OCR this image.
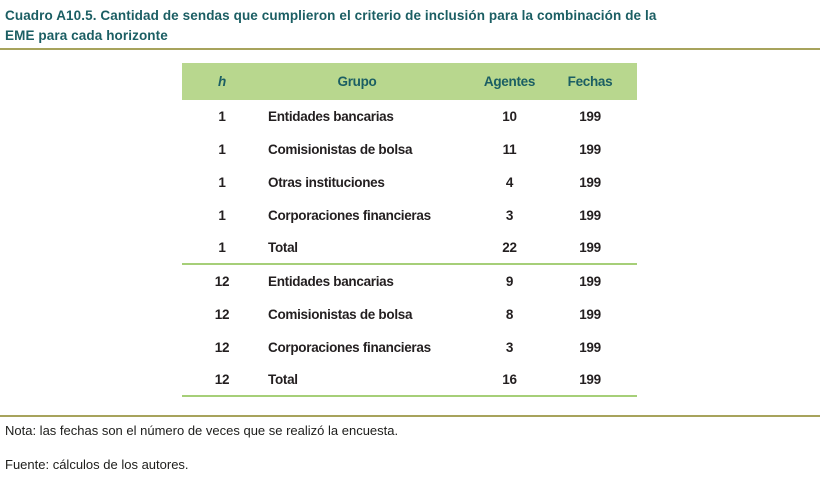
Cuadro A10.5. Cantidad de sendas que cumplieron el criterio de inclusión para la combinación de la
EME para cada horizonte
h	Grupo	Agentes	Fechas
1	Entidades bancarias	10	199
1	Comisionistas de bolsa	11	199
1	Otras instituciones	4	199
1	Corporaciones financieras	3	199
1	Total	22	199
12	Entidades bancarias	9	199
12	Comisionistas de bolsa	8	199
12	Corporaciones financieras	3	199
12	Total	16	199
Nota: las fechas son el número de veces que se realizó la encuesta.
Fuente: cálculos de los autores.
